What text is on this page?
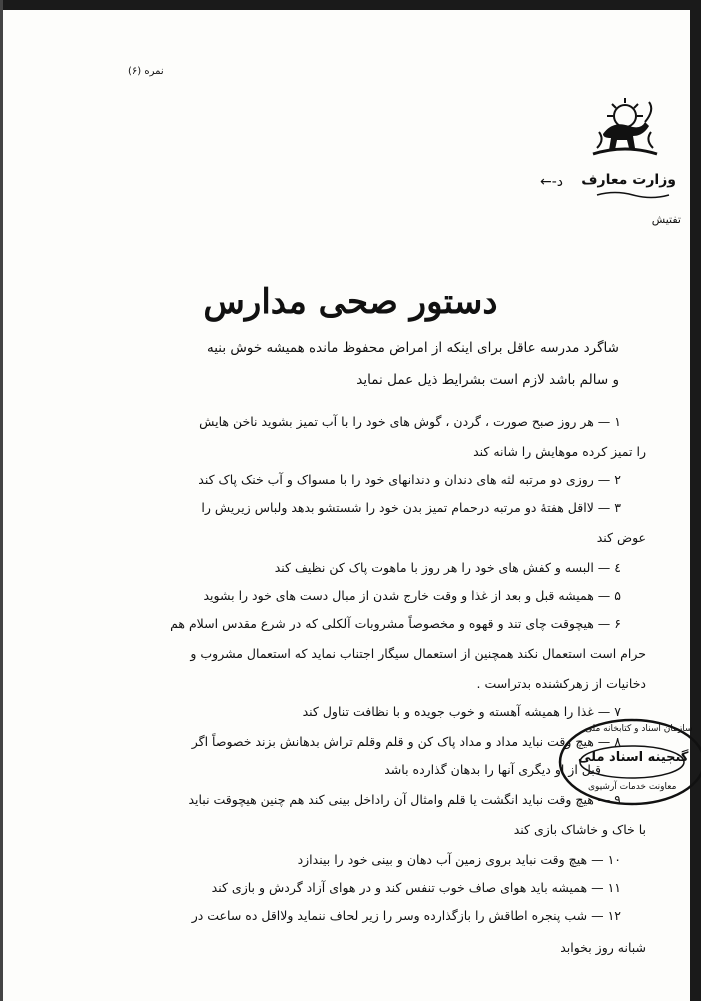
نمره (۶)
وزارت معارف
←‑د
تفتیش
دستور صحی مدارس
شاگرد مدرسه عاقل برای اینکه از امراض محفوظ مانده همیشه خوش بنیه
و سالم باشد لازم است بشرایط ذیل عمل نماید
۱ — هر روز صبح صورت ، گردن ، گوش های خود را با آب تمیز بشوید ناخن هایش
را تمیز کرده موهایش را شانه کند
۲ — روزی دو مرتبه لثه های دندان و دندانهای خود را با مسواک و آب خنک پاک کند
۳ — لااقل هفتهٔ دو مرتبه درحمام تمیز بدن خود را شستشو بدهد ولباس زیریش را
عوض کند
٤ — البسه و کفش های خود را هر روز با ماهوت پاک کن نظیف کند
۵ — همیشه قبل و بعد از غذا و وقت خارج شدن از مبال دست های خود را بشوید
۶ — هیچوقت چای تند و قهوه و مخصوصاً مشروبات آلکلی که در شرع مقدس اسلام هم
حرام است استعمال نکند همچنین از استعمال سیگار اجتناب نماید که استعمال مشروب و
دخانیات از زهرکشنده بدتراست .
۷ — غذا را همیشه آهسته و خوب جویده و با نظافت تناول کند
۸ — هیچ وقت نباید مداد و مداد پاک کن و قلم وقلم تراش بدهانش بزند خصوصاً اگر
قبل از او دیگری آنها را بدهان گذارده باشد
۹ — هیچ وقت نباید انگشت یا قلم وامثال آن راداخل بینی کند هم چنین هیچوقت نباید
با خاک و خاشاک بازی کند
۱۰ — هیچ وقت نباید بروی زمین آب دهان و بینی خود را بیندازد
۱۱ — همیشه باید هوای صاف خوب تنفس کند و در هوای آزاد گردش و بازی کند
۱۲ — شب پنجره اطاقش را بازگذارده وسر را زیر لحاف ننماید ولااقل ده ساعت در
شبانه روز بخوابد
سازمان اسناد و کتابخانه ملی
گنجینه اسناد ملی
معاونت خدمات آرشیوی
